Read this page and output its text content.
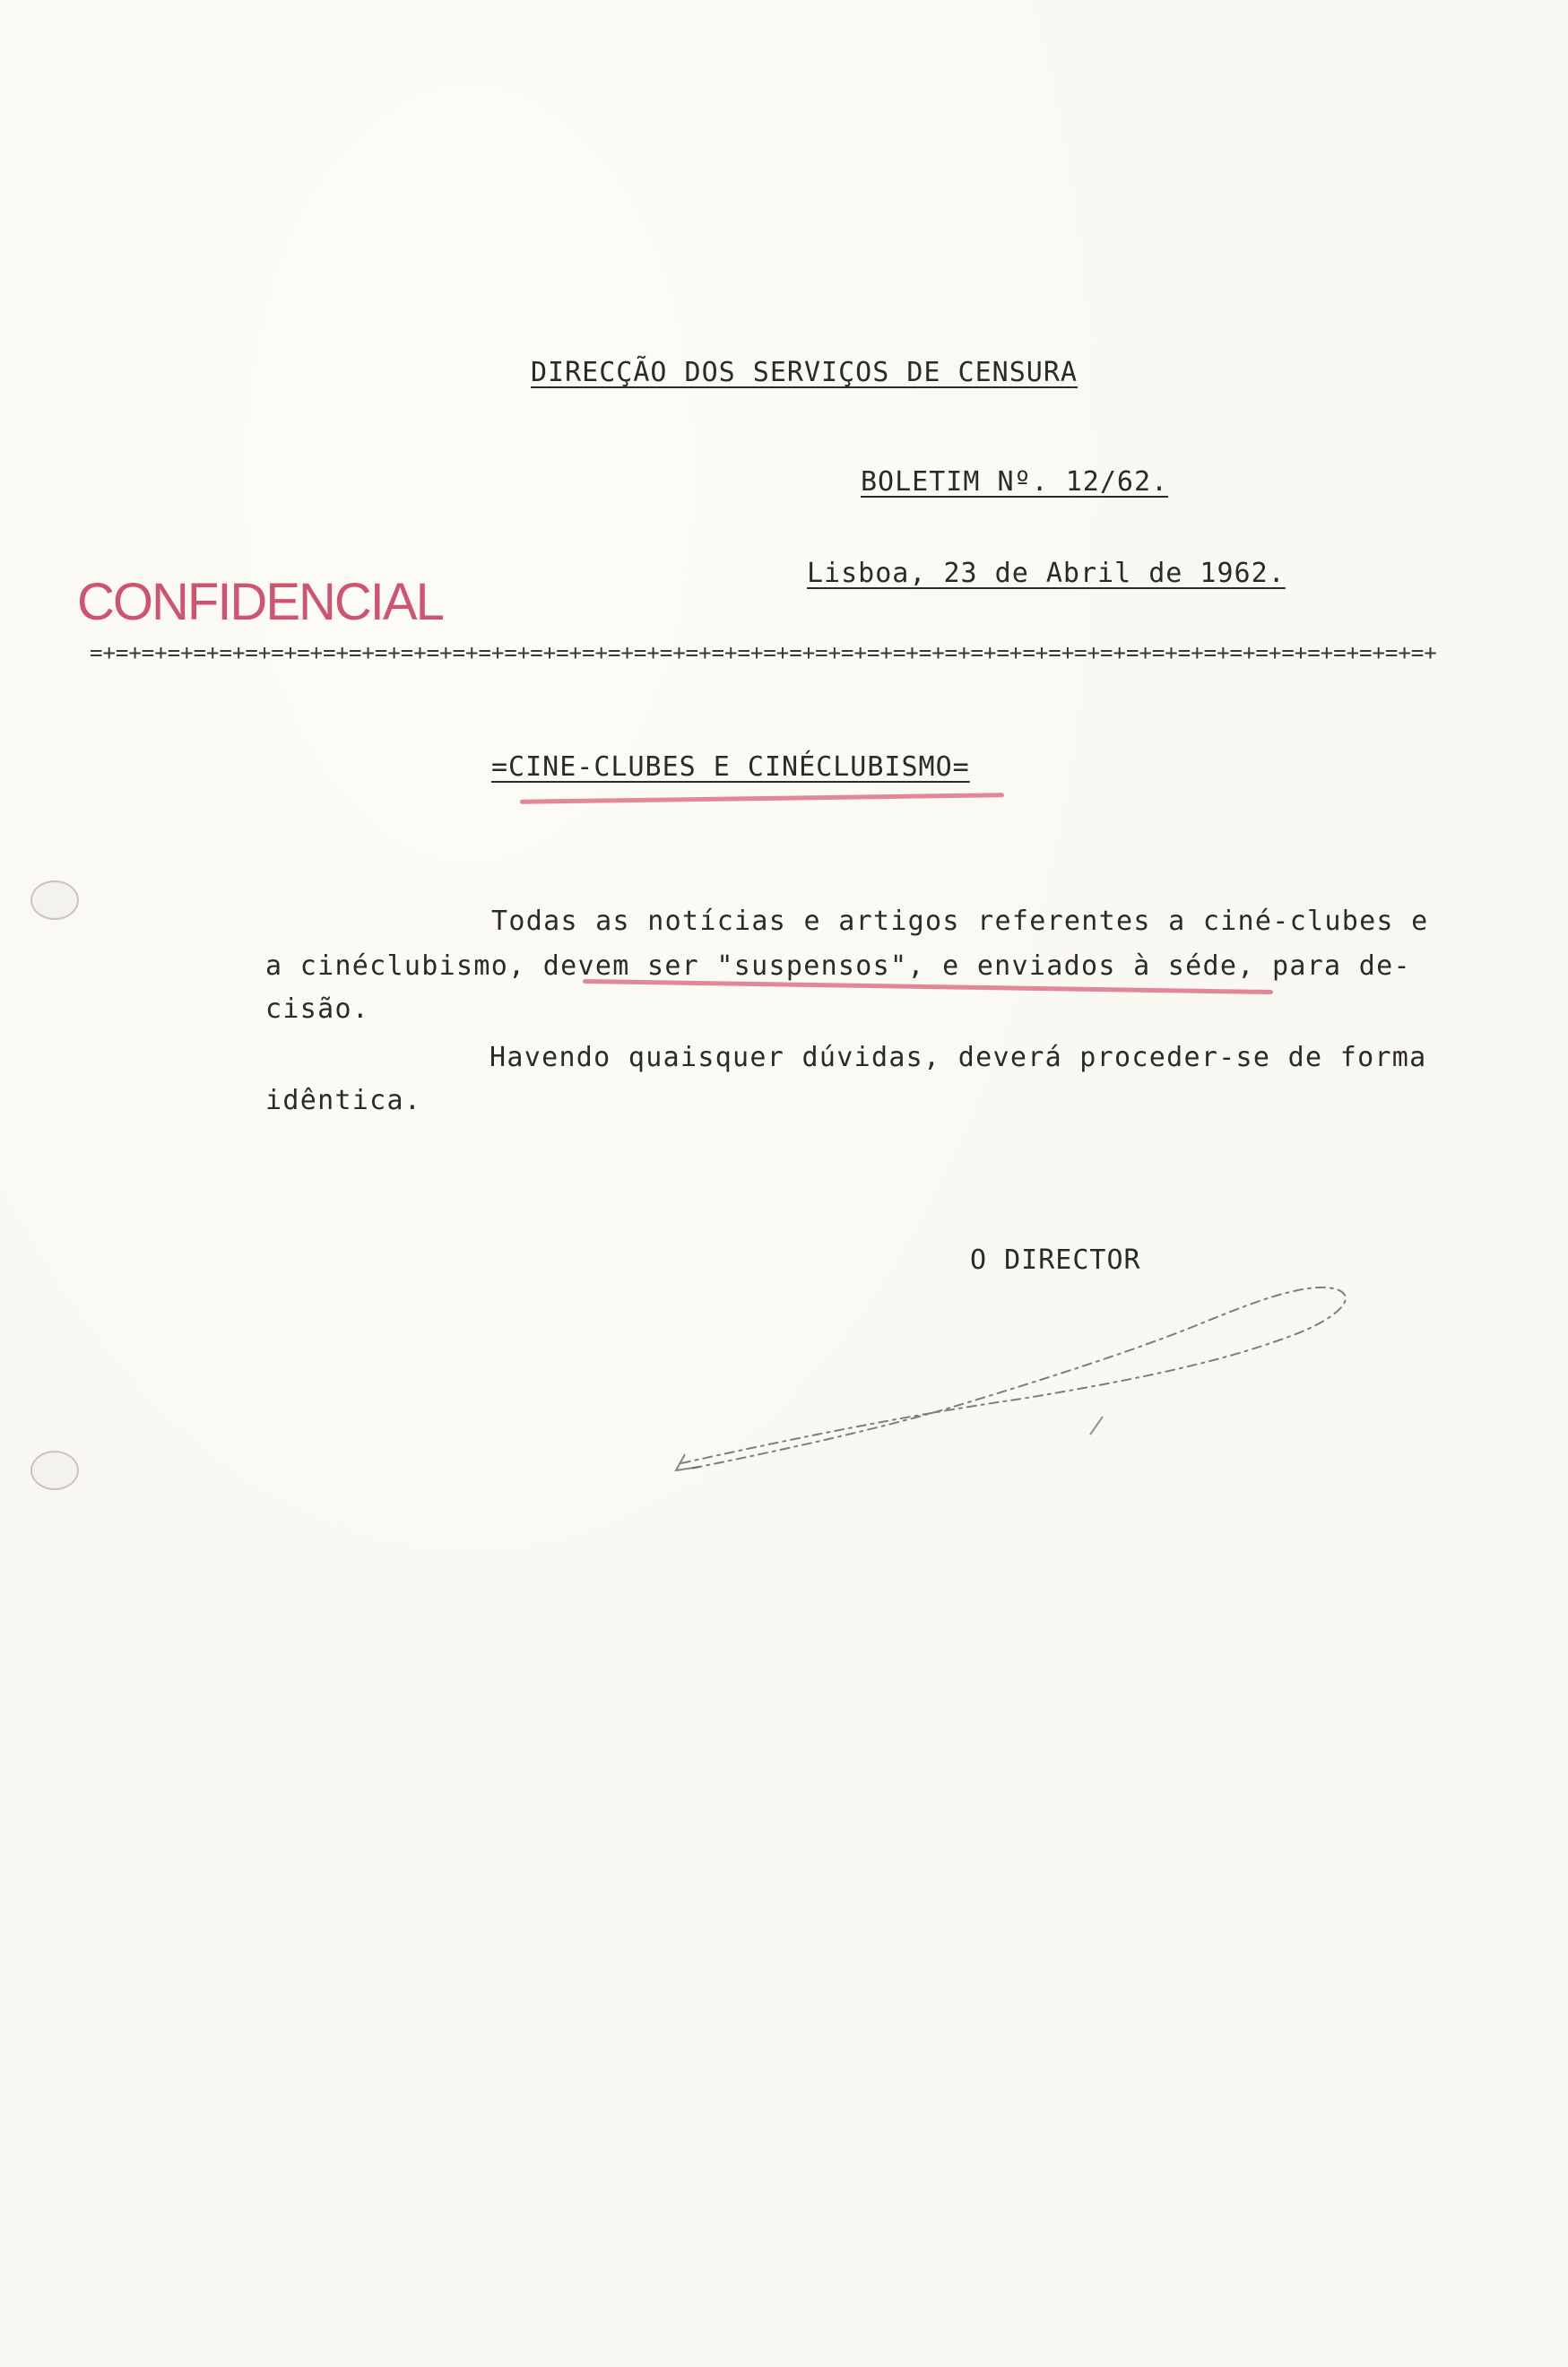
DIRECÇÃO DOS SERVIÇOS DE CENSURA
BOLETIM Nº. 12/62.
Lisboa, 23 de Abril de 1962.
CONFIDENCIAL
=+=+=+=+=+=+=+=+=+=+=+=+=+=+=+=+=+=+=+=+=+=+=+=+=+=+=+=+=+=+=+=+=+=+=+=+=+=+=+=+=+=+=+=+=+=+=+=+=+=+=+=+
=CINE-CLUBES E CINÉCLUBISMO=
Todas as notícias e artigos referentes a ciné-clubes e
a cinéclubismo, devem ser "suspensos", e enviados à séde, para de-
cisão.
Havendo quaisquer dúvidas, deverá proceder-se de forma
idêntica.
O DIRECTOR
